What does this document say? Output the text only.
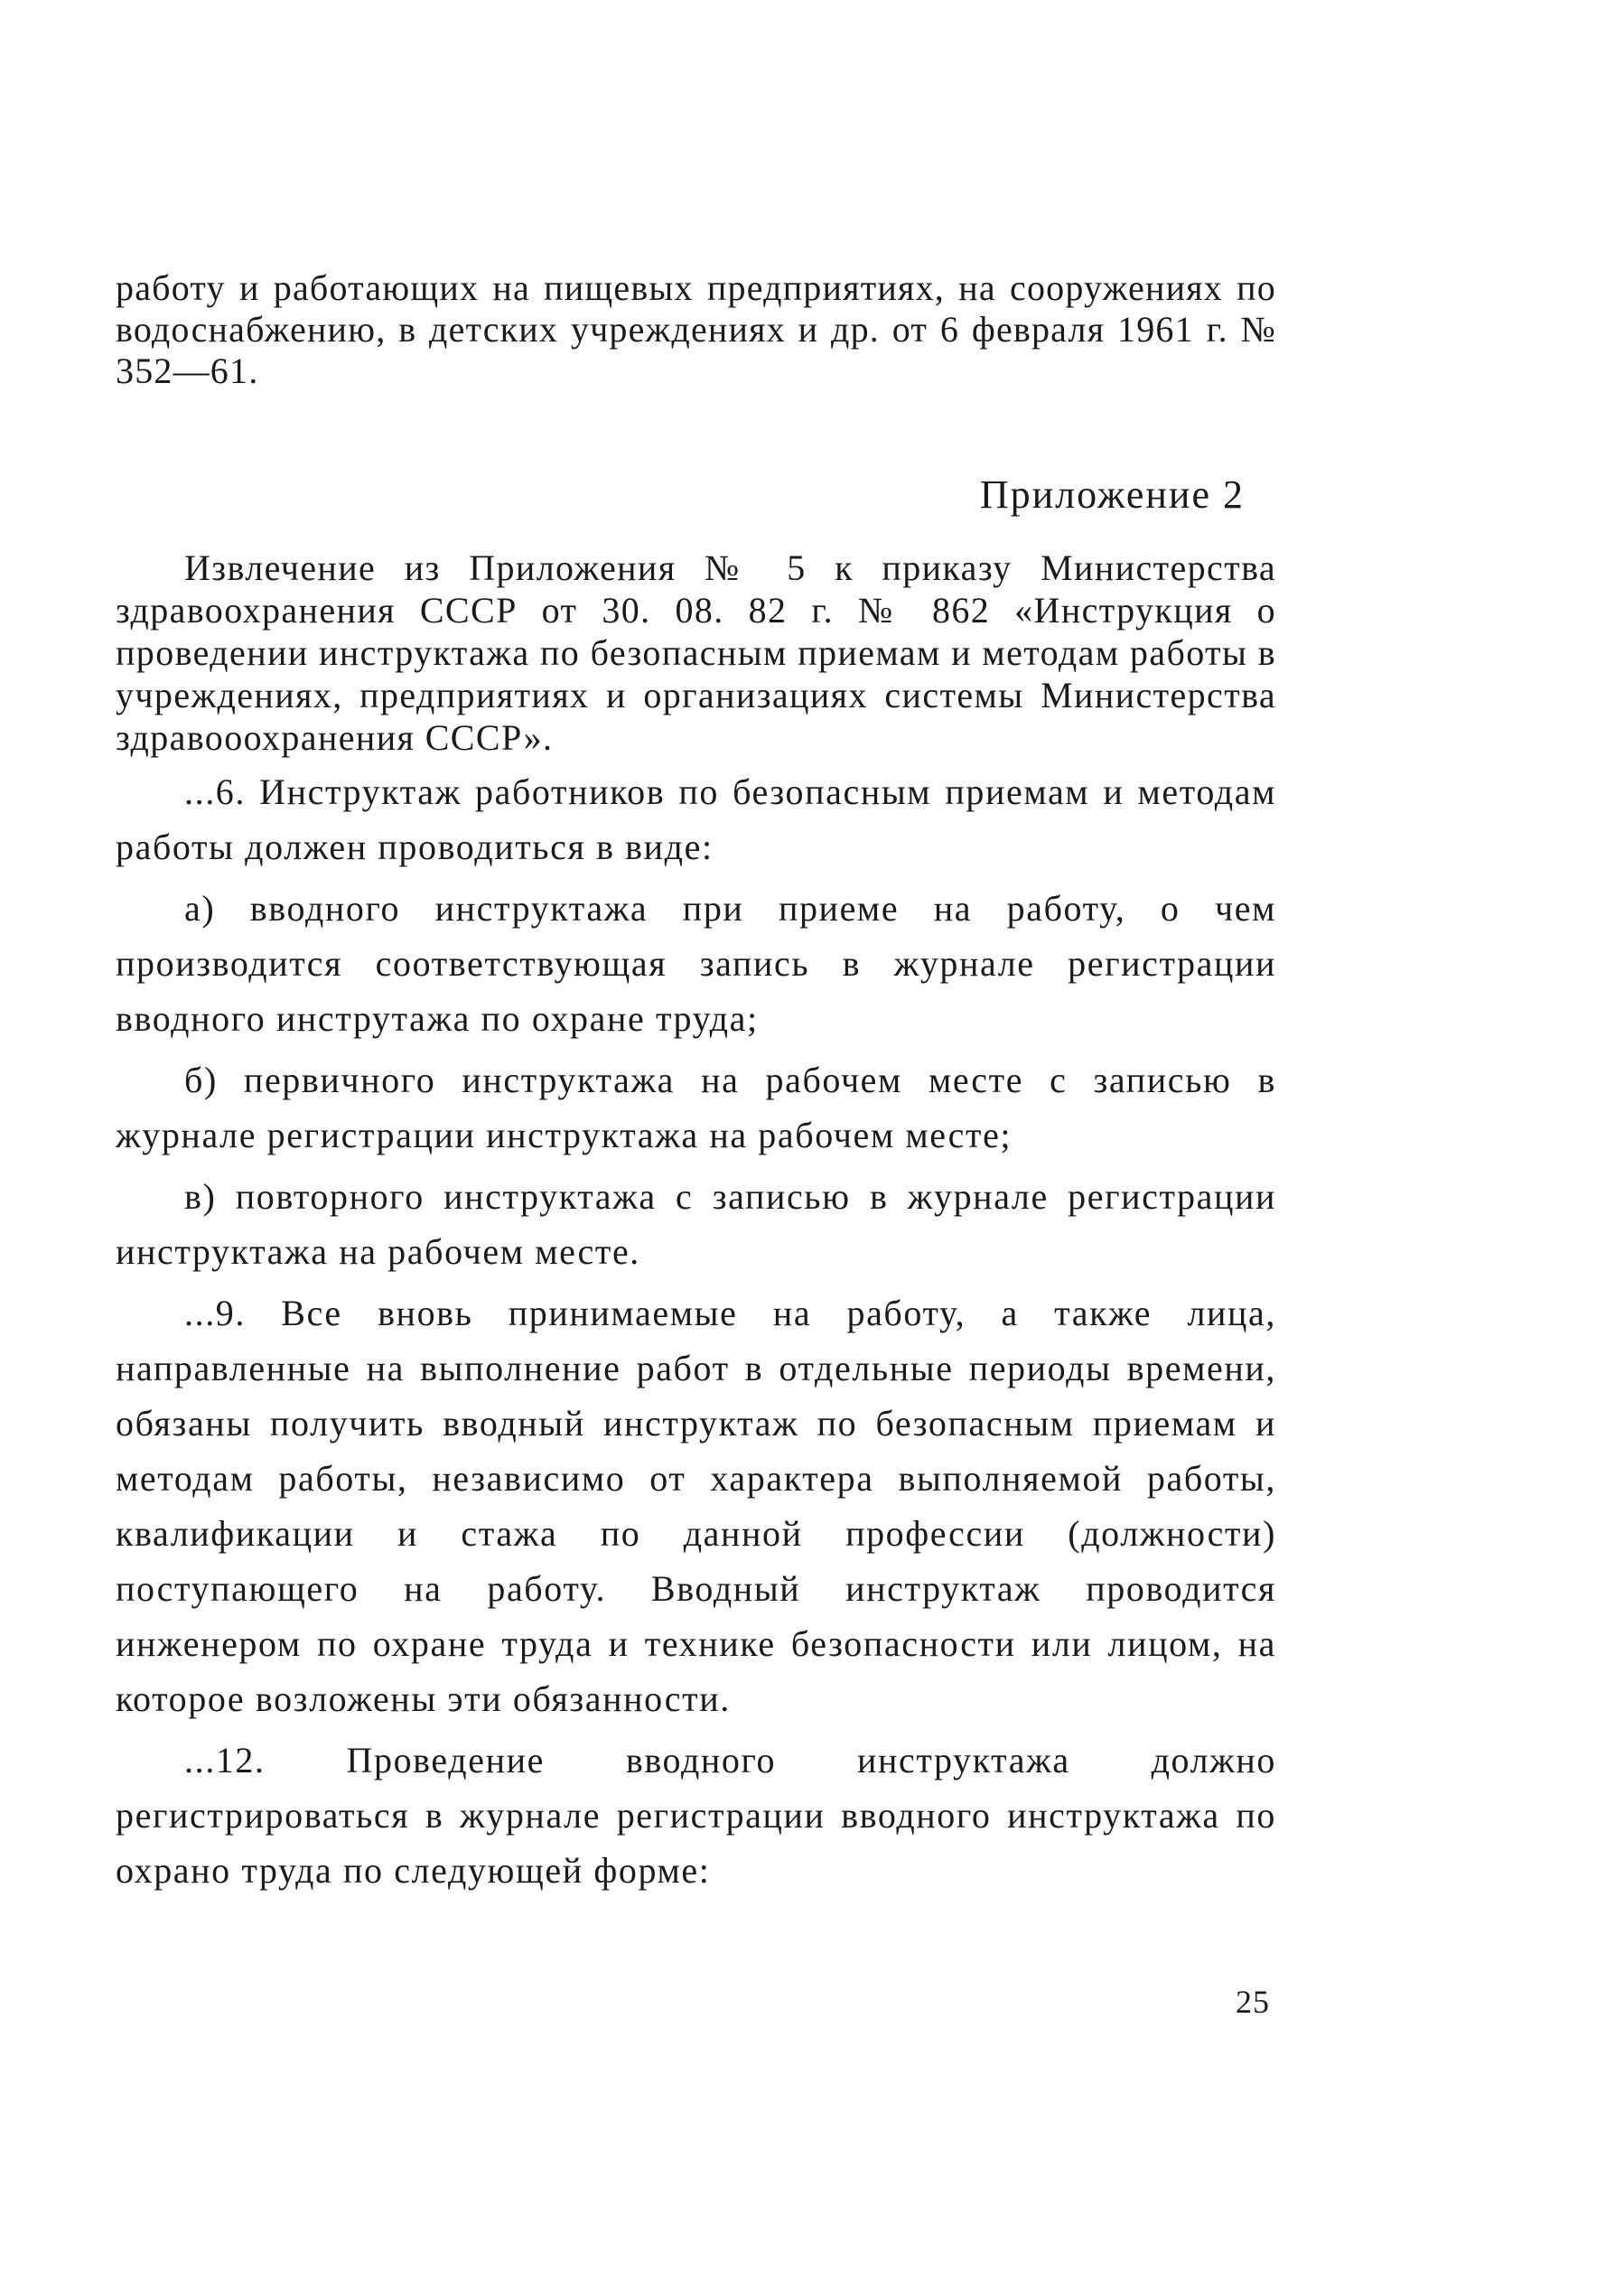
работу и работающих на пищевых предприятиях, на сооружениях по водоснабжению, в детских учреждениях и др. от 6 февраля 1961 г. № 352—61.
Приложение 2
Извлечение из Приложения № 5 к приказу Министерства здравоохранения СССР от 30. 08. 82 г. № 862 «Инструкция о проведении инструктажа по безопасным приемам и методам работы в учреждениях, предприятиях и организациях системы Министерства здравооохранения СССР».

...6. Инструктаж работников по безопасным приемам и методам работы должен проводиться в виде:

а) вводного инструктажа при приеме на работу, о чем производится соответствующая запись в журнале регистрации вводного инструтажа по охране труда;

б) первичного инструктажа на рабочем месте с записью в журнале регистрации инструктажа на рабочем месте;

в) повторного инструктажа с записью в журнале регистрации инструктажа на рабочем месте.

...9. Все вновь принимаемые на работу, а также лица, направленные на выполнение работ в отдельные периоды времени, обязаны получить вводный инструктаж по безопасным приемам и методам работы, независимо от характера выполняемой работы, квалификации и стажа по данной профессии (должности) поступающего на работу. Вводный инструктаж проводится инженером по охране труда и технике безопасности или лицом, на которое возложены эти обязанности.

...12. Проведение вводного инструктажа должно регистрироваться в журнале регистрации вводного инструктажа по охрано труда по следующей форме:

25
